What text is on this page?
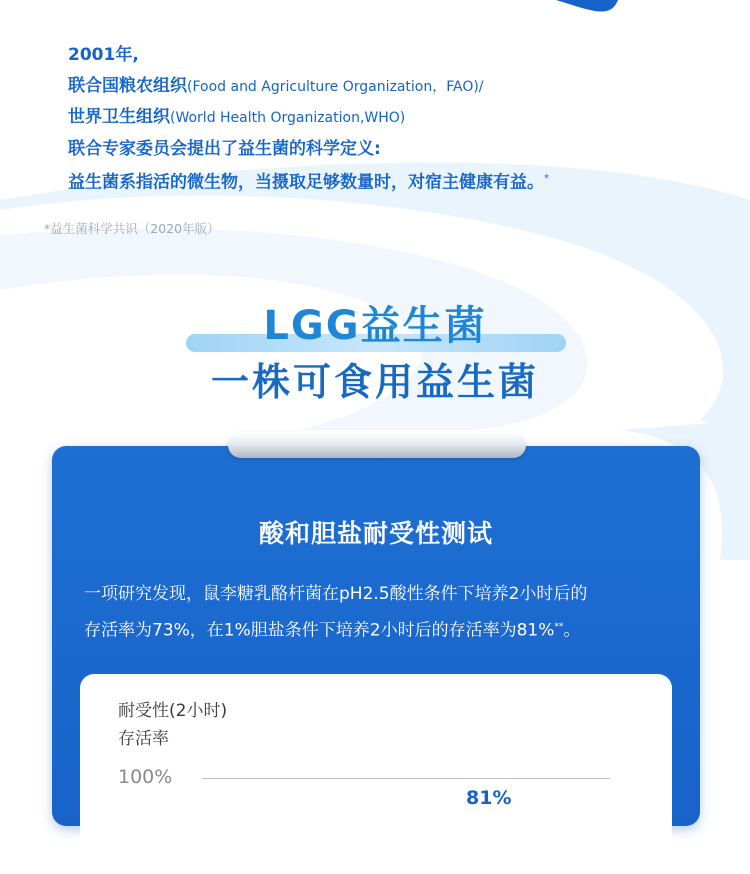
2001年,
联合国粮农组织(Food and Agriculture Organization，FAO)/
世界卫生组织(World Health Organization,WHO)
联合专家委员会提出了益生菌的科学定义:
益生菌系指活的微生物，当摄取足够数量时，对宿主健康有益。*
*益生菌科学共识（2020年版）
LGG益生菌
一株可食用益生菌
酸和胆盐耐受性测试
一项研究发现，鼠李糖乳酪杆菌在pH2.5酸性条件下培养2小时后的
存活率为73%，在1%胆盐条件下培养2小时后的存活率为81%**。
耐受性(2小时)
存活率
100%
81%
